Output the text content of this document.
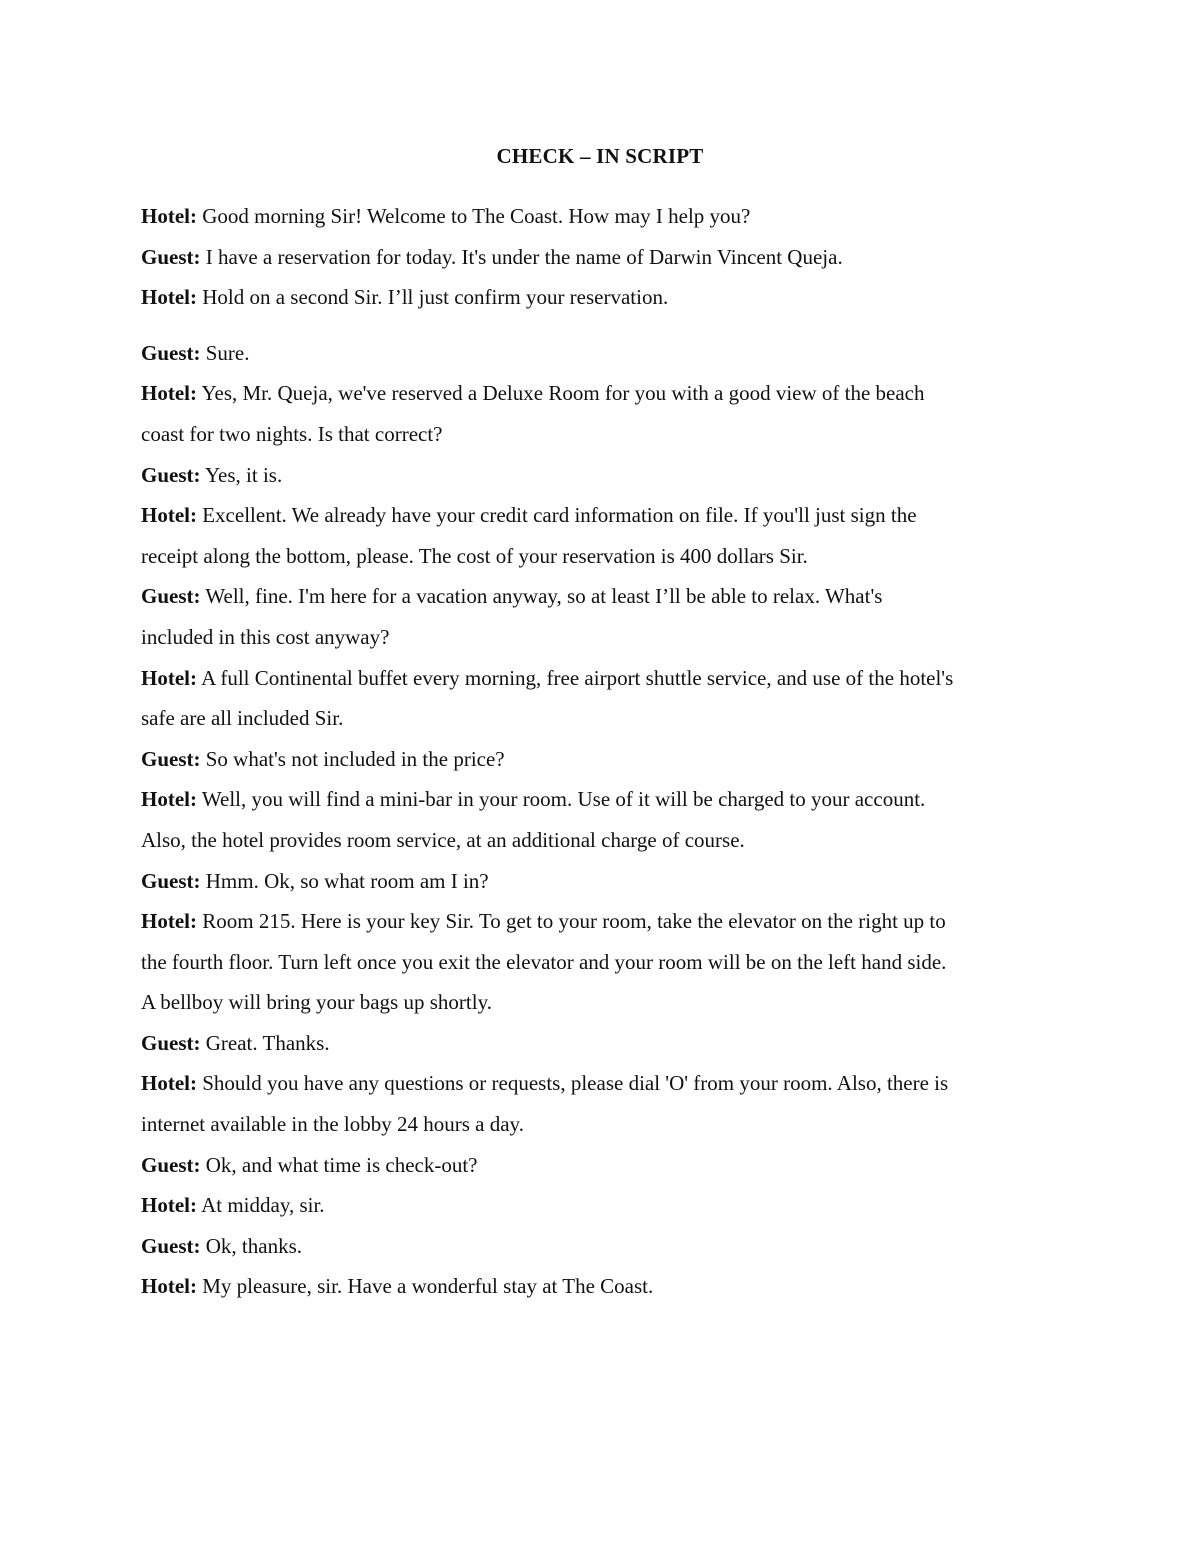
CHECK – IN SCRIPT
Hotel: Good morning Sir! Welcome to The Coast. How may I help you?
Guest: I have a reservation for today. It's under the name of Darwin Vincent Queja.
Hotel: Hold on a second Sir. I’ll just confirm your reservation.
Guest: Sure.
Hotel: Yes, Mr. Queja, we've reserved a Deluxe Room for you with a good view of the beach
coast for two nights. Is that correct?
Guest: Yes, it is.
Hotel: Excellent. We already have your credit card information on file. If you'll just sign the
receipt along the bottom, please. The cost of your reservation is 400 dollars Sir.
Guest: Well, fine. I'm here for a vacation anyway, so at least I’ll be able to relax. What's
included in this cost anyway?
Hotel: A full Continental buffet every morning, free airport shuttle service, and use of the hotel's
safe are all included Sir.
Guest: So what's not included in the price?
Hotel: Well, you will find a mini-bar in your room. Use of it will be charged to your account.
Also, the hotel provides room service, at an additional charge of course.
Guest: Hmm. Ok, so what room am I in?
Hotel: Room 215. Here is your key Sir. To get to your room, take the elevator on the right up to
the fourth floor. Turn left once you exit the elevator and your room will be on the left hand side.
A bellboy will bring your bags up shortly.
Guest: Great. Thanks.
Hotel: Should you have any questions or requests, please dial 'O' from your room. Also, there is
internet available in the lobby 24 hours a day.
Guest: Ok, and what time is check-out?
Hotel: At midday, sir.
Guest: Ok, thanks.
Hotel: My pleasure, sir. Have a wonderful stay at The Coast.
